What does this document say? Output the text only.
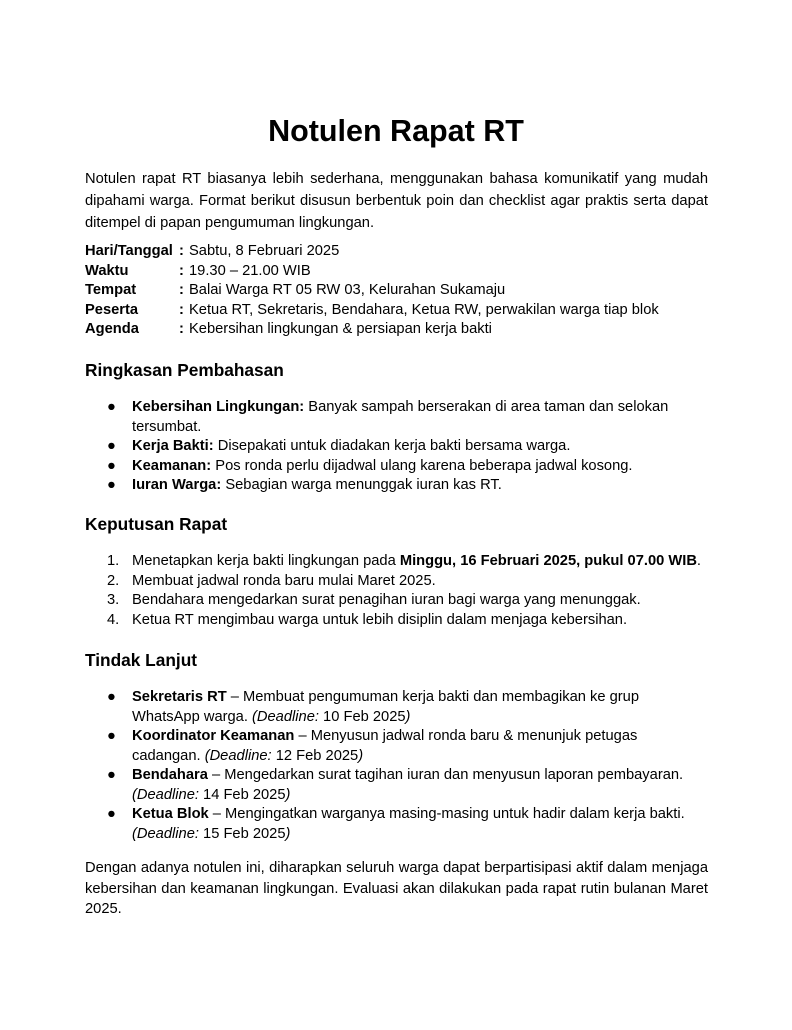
Notulen Rapat RT

Notulen rapat RT biasanya lebih sederhana, menggunakan bahasa komunikatif yang mudah dipahami warga. Format berikut disusun berbentuk poin dan checklist agar praktis serta dapat ditempel di papan pengumuman lingkungan.

Hari/Tanggal : Sabtu, 8 Februari 2025
Waktu	: 19.30 – 21.00 WIB
Tempat	: Balai Warga RT 05 RW 03, Kelurahan Sukamaju
Peserta	: Ketua RT, Sekretaris, Bendahara, Ketua RW, perwakilan warga tiap blok
Agenda	: Kebersihan lingkungan & persiapan kerja bakti
Ringkasan Pembahasan
● Kebersihan Lingkungan: Banyak sampah berserakan di area taman dan selokan tersumbat.
● Kerja Bakti: Disepakati untuk diadakan kerja bakti bersama warga.
● Keamanan: Pos ronda perlu dijadwal ulang karena beberapa jadwal kosong.
● Iuran Warga: Sebagian warga menunggak iuran kas RT.
Keputusan Rapat
1. Menetapkan kerja bakti lingkungan pada Minggu, 16 Februari 2025, pukul 07.00 WIB.
2. Membuat jadwal ronda baru mulai Maret 2025.
3. Bendahara mengedarkan surat penagihan iuran bagi warga yang menunggak.
4. Ketua RT mengimbau warga untuk lebih disiplin dalam menjaga kebersihan.
Tindak Lanjut
● Sekretaris RT – Membuat pengumuman kerja bakti dan membagikan ke grup WhatsApp warga. (Deadline: 10 Feb 2025)
● Koordinator Keamanan – Menyusun jadwal ronda baru & menunjuk petugas cadangan. (Deadline: 12 Feb 2025)
● Bendahara – Mengedarkan surat tagihan iuran dan menyusun laporan pembayaran. (Deadline: 14 Feb 2025)
● Ketua Blok – Mengingatkan warganya masing-masing untuk hadir dalam kerja bakti. (Deadline: 15 Feb 2025)

Dengan adanya notulen ini, diharapkan seluruh warga dapat berpartisipasi aktif dalam menjaga kebersihan dan keamanan lingkungan. Evaluasi akan dilakukan pada rapat rutin bulanan Maret 2025.
